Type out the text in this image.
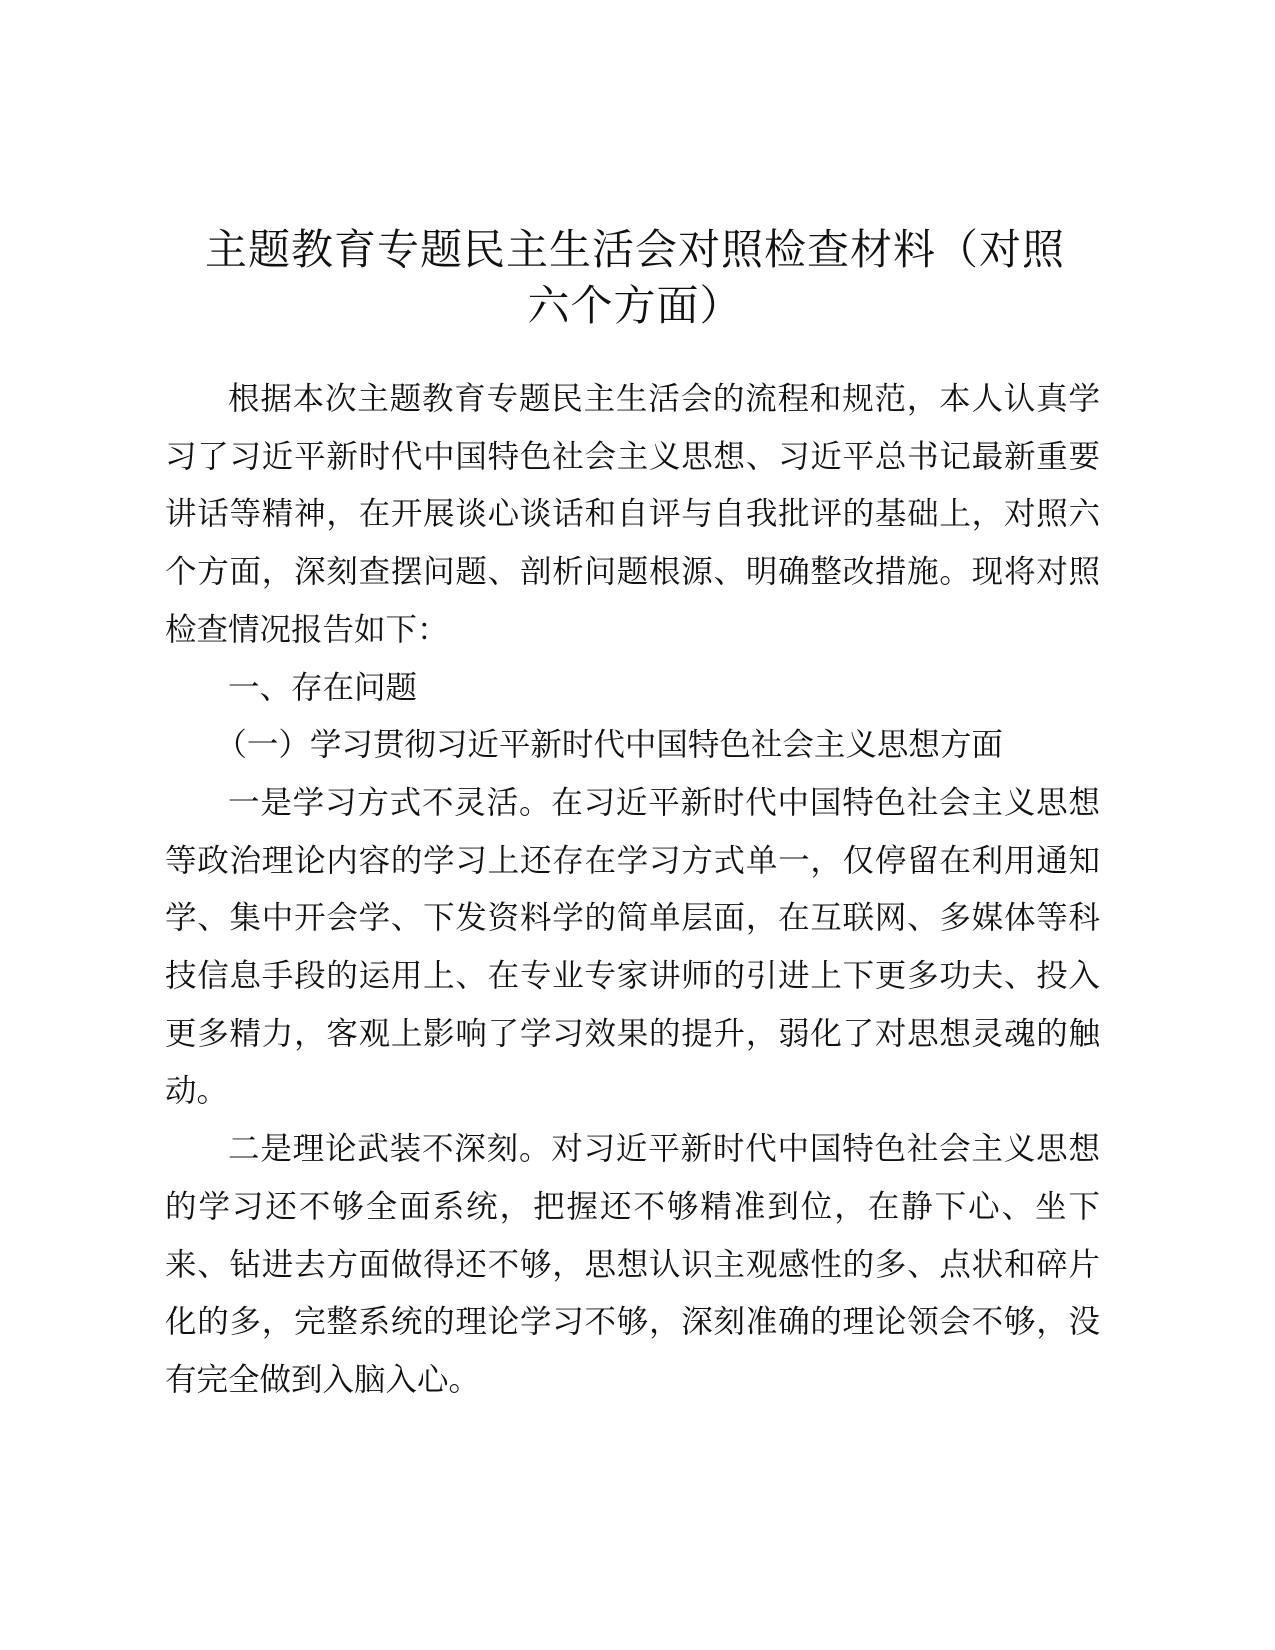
主题教育专题民主生活会对照检查材料（对照
六个方面）

根据本次主题教育专题民主生活会的流程和规范，本人认真学习了习近平新时代中国特色社会主义思想、习近平总书记最新重要讲话等精神，在开展谈心谈话和自评与自我批评的基础上，对照六个方面，深刻查摆问题、剖析问题根源、明确整改措施。现将对照检查情况报告如下：

一、存在问题

（一）学习贯彻习近平新时代中国特色社会主义思想方面

一是学习方式不灵活。在习近平新时代中国特色社会主义思想等政治理论内容的学习上还存在学习方式单一，仅停留在利用通知学、集中开会学、下发资料学的简单层面，在互联网、多媒体等科技信息手段的运用上、在专业专家讲师的引进上下更多功夫、投入更多精力，客观上影响了学习效果的提升，弱化了对思想灵魂的触动。

二是理论武装不深刻。对习近平新时代中国特色社会主义思想的学习还不够全面系统，把握还不够精准到位，在静下心、坐下来、钻进去方面做得还不够，思想认识主观感性的多、点状和碎片化的多，完整系统的理论学习不够，深刻准确的理论领会不够，没有完全做到入脑入心。
